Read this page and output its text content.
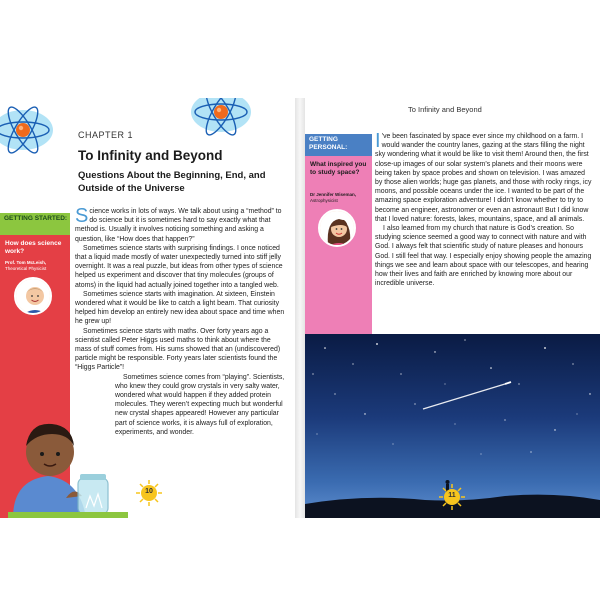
CHAPTER 1
To Infinity and Beyond
Questions About the Beginning, End, and Outside of the Universe
GETTING STARTED:
How does science work?
Prof. Tom McLeish,
Theoretical Physicist

Science works in lots of ways. We talk about using a “method” to do science but it is sometimes hard to say exactly what that method is. Usually it involves noticing something and asking a question, like “How does that happen?”

Sometimes science starts with surprising findings. I once noticed that a liquid made mostly of water unexpectedly turned into stiff jelly overnight. It was a real puzzle, but ideas from other types of science helped us experiment and discover that tiny molecules (groups of atoms) in the liquid had actually joined together into a tangled web.

Sometimes science starts with imagination. At sixteen, Einstein wondered what it would be like to catch a light beam. That curiosity helped him develop an entirely new idea about space and time when he grew up!

Sometimes science starts with maths. Over forty years ago a scientist called Peter Higgs used maths to think about where the mass of stuff comes from. His sums showed that an (undiscovered) particle might be responsible. Forty years later scientists found the “Higgs Particle”!

Sometimes science comes from “playing”. Scientists, who knew they could grow crystals in very salty water, wondered what would happen if they added protein molecules. They weren’t expecting much but wonderful new crystal shapes appeared! However any particular part of science works, it is always full of exploration, experiments, and wonder.

10
To Infinity and Beyond
GETTING PERSONAL:
What inspired you to study space?
Dr Jennifer Wiseman,
Astrophysicist

I ’ve been fascinated by space ever since my childhood on a farm. I would wander the country lanes, gazing at the stars filling the night sky wondering what it would be like to visit them! Around then, the first close-up images of our solar system’s planets and their moons were being taken by space probes and shown on television. I was amazed by those alien worlds; huge gas planets, and those with rocky rings, icy moons, and possible oceans under the ice. I wanted to be part of the amazing space exploration adventure! I didn’t know whether to try to become an engineer, astronomer or even an astronaut! But I did know that I loved nature: forests, lakes, mountains, space, and all animals.

I also learned from my church that nature is God’s creation. So studying science seemed a good way to connect with nature and with God. I always felt that scientific study of nature pleases and honours God. I still feel that way. I especially enjoy showing people the amazing things we see and learn about space with our telescopes, and hearing how their lives and faith are enriched by knowing more about our incredible universe.

11
